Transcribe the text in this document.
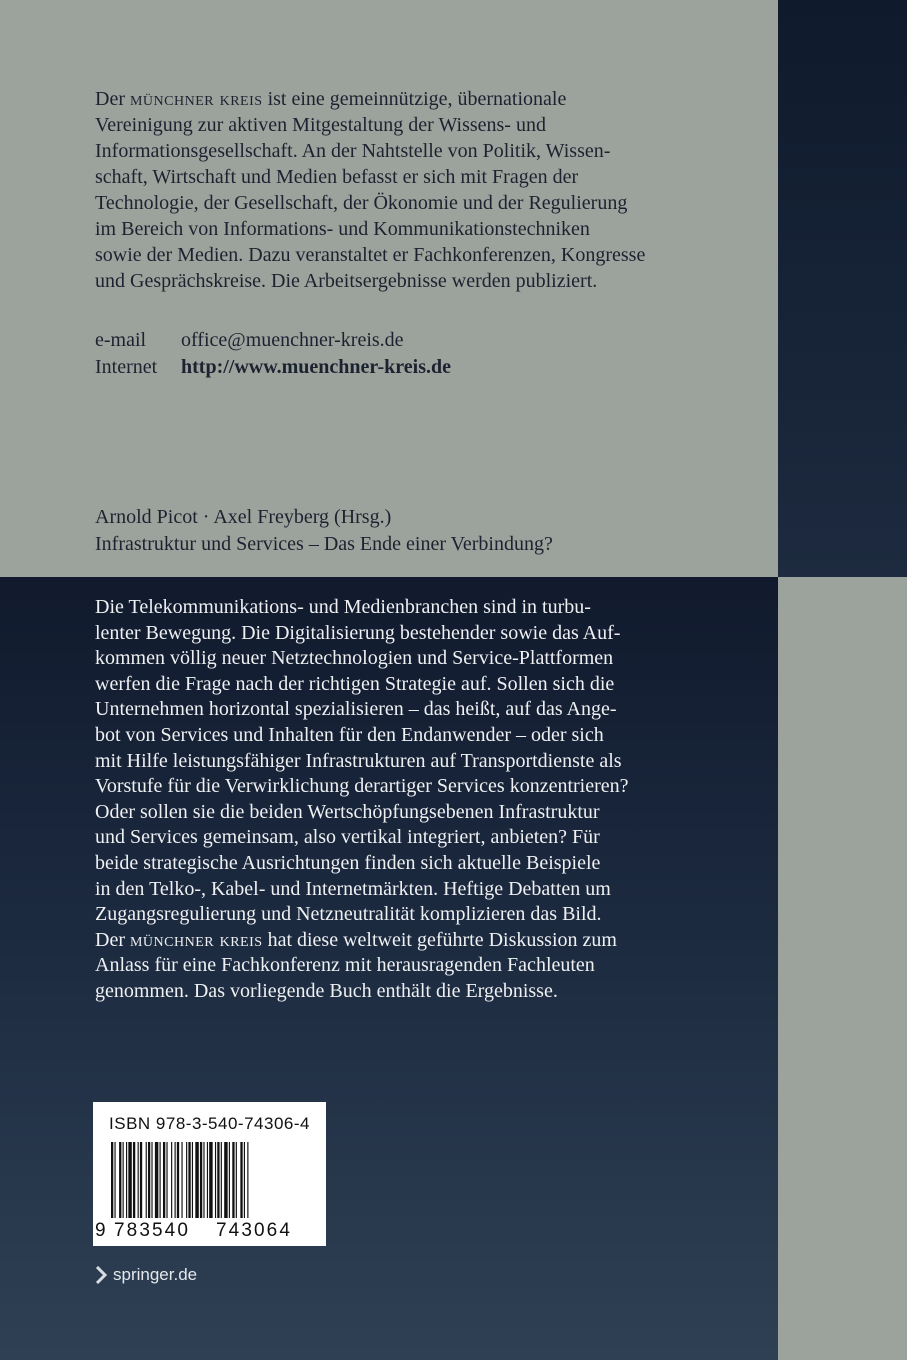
Der münchner kreis ist eine gemeinnützige, übernationale

Vereinigung zur aktiven Mitgestaltung der Wissens- und

Informationsgesellschaft. An der Nahtstelle von Politik, Wissen-

schaft, Wirtschaft und Medien befasst er sich mit Fragen der

Technologie, der Gesellschaft, der Ökonomie und der Regulierung

im Bereich von Informations- und Kommunikationstechniken

sowie der Medien. Dazu veranstaltet er Fachkonferenzen, Kongresse

und Gesprächskreise. Die Arbeitsergebnisse werden publiziert.

e-mail	office@muenchner-kreis.de
Internet	http://www.muenchner-kreis.de
Arnold Picot · Axel Freyberg (Hrsg.)
Infrastruktur und Services – Das Ende einer Verbindung?

Die Telekommunikations- und Medienbranchen sind in turbu-

lenter Bewegung. Die Digitalisierung bestehender sowie das Auf-

kommen völlig neuer Netztechnologien und Service-Plattformen

werfen die Frage nach der richtigen Strategie auf. Sollen sich die

Unternehmen horizontal spezialisieren – das heißt, auf das Ange-

bot von Services und Inhalten für den Endanwender – oder sich

mit Hilfe leistungsfähiger Infrastrukturen auf Transportdienste als

Vorstufe für die Verwirklichung derartiger Services konzentrieren?

Oder sollen sie die beiden Wertschöpfungsebenen Infrastruktur

und Services gemeinsam, also vertikal integriert, anbieten? Für

beide strategische Ausrichtungen finden sich aktuelle Beispiele

in den Telko-, Kabel- und Internetmärkten. Heftige Debatten um

Zugangsregulierung und Netzneutralität komplizieren das Bild.

Der münchner kreis hat diese weltweit geführte Diskussion zum

Anlass für eine Fachkonferenz mit herausragenden Fachleuten

genommen. Das vorliegende Buch enthält die Ergebnisse.

ISBN 978-3-540-74306-4
9 783540 743064
springer.de
